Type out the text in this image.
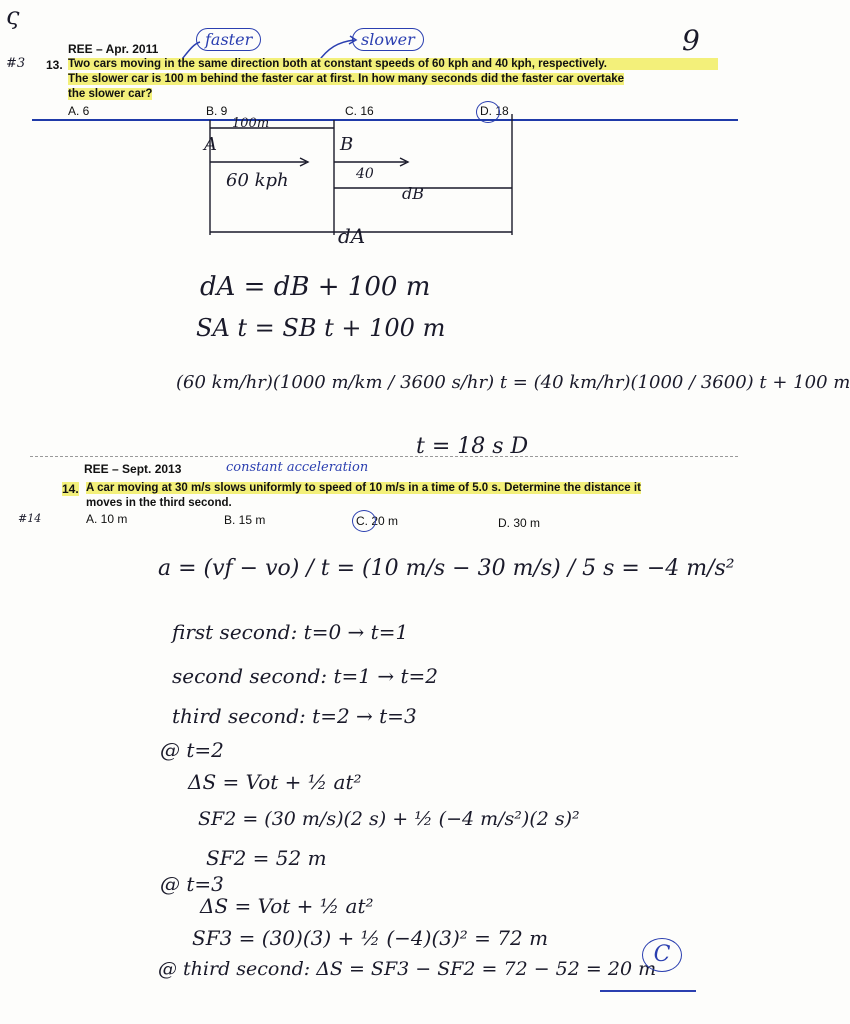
ς
9
#3
REE – Apr. 2011	faster	slower
13. Two cars moving in the same direction both at constant speeds of 60 kph and 40 kph, respectively.
The slower car is 100 m behind the faster car at first. In how many seconds did the faster car overtake
the slower car?
A. 6	B. 9	C. 16	D. 18
100m
A	B
60 kph	40
dB
dA
dA = dB + 100 m
SA t = SB t + 100 m
(60 km/hr)(1000 m/km / 3600 s/hr) t = (40 km/hr)(1000 / 3600) t + 100 m
t = 18 s D
REE – Sept. 2013	constant acceleration
#14
14. A car moving at 30 m/s slows uniformly to speed of 10 m/s in a time of 5.0 s. Determine the distance it
moves in the third second.
A. 10 m	B. 15 m	C. 20 m	D. 30 m
a = (vf − vo) / t = (10 m/s − 30 m/s) / 5 s = −4 m/s²
first second: t=0 → t=1
second second: t=1 → t=2
third second: t=2 → t=3
@ t=2
ΔS = Vot + ½ at²
SF2 = (30 m/s)(2 s) + ½ (−4 m/s²)(2 s)²
SF2 = 52 m
@ t=3
ΔS = Vot + ½ at²
SF3 = (30)(3) + ½ (−4)(3)² = 72 m
@ third second: ΔS = SF3 − SF2 = 72 − 52 = 20 m
C
